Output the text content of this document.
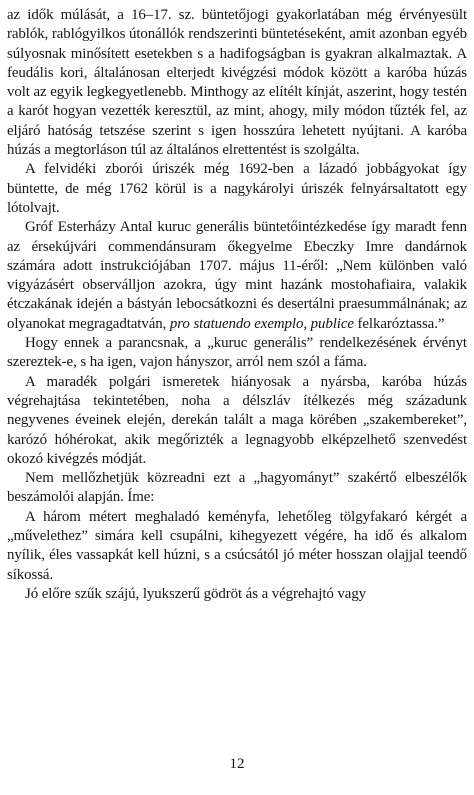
az idők múlását, a 16–17. sz. büntetőjogi gyakorlatában még érvényesült rablók, rablógyilkos útonállók rendszerinti büntetéseként, amit azonban egyéb súlyosnak minősített esetekben s a hadifogságban is gyakran alkalmaztak. A feudális kori, általánosan elterjedt kivégzési módok között a karóba húzás volt az egyik legkegyetlenebb. Minthogy az elítélt kínját, aszerint, hogy testén a karót hogyan vezették keresztül, az mint, ahogy, mily módon tűzték fel, az eljáró hatóság tetszése szerint s igen hosszúra lehetett nyújtani. A karóba húzás a megtorláson túl az általános elrettentést is szolgálta.

A felvidéki zborói úriszék még 1692-ben a lázadó jobbágyokat így büntette, de még 1762 körül is a nagykárolyi úriszék felnyársaltatott egy lótolvajt.

Gróf Esterházy Antal kuruc generális büntetőintézkedése így maradt fenn az érsekújvári commendánsuram őkegyelme Ebeczky Imre dandárnok számára adott instrukciójában 1707. május 11-éről: „Nem különben való vigyázásért observálljon azokra, úgy mint hazánk mostohafiaira, valakik étczakának idején a bástyán lebocsátkozni és desertálni praesummálnának; az olyanokat megragadtatván, pro statuendo exemplo, publice felkaróztassa.”

Hogy ennek a parancsnak, a „kuruc generális” rendelkezésének érvényt szereztek-e, s ha igen, vajon hányszor, arról nem szól a fáma.

A maradék polgári ismeretek hiányosak a nyársba, karóba húzás végrehajtása tekintetében, noha a délszláv ítélkezés még századunk negyvenes éveinek elején, derekán talált a maga körében „szakembereket”, karózó hóhérokat, akik megőrizték a legnagyobb elképzelhető szenvedést okozó kivégzés módját.

Nem mellőzhetjük közreadni ezt a „hagyományt” szakértő elbeszélők beszámolói alapján. Íme:

A három métert meghaladó keményfa, lehetőleg tölgyfakaró kérgét a „művelethez” simára kell csupálni, kihegyezett végére, ha idő és alkalom nyílik, éles vassapkát kell húzni, s a csúcsától jó méter hosszan olajjal teendő síkossá.

Jó előre szűk szájú, lyukszerű gödröt ás a végrehajtó vagy

12
